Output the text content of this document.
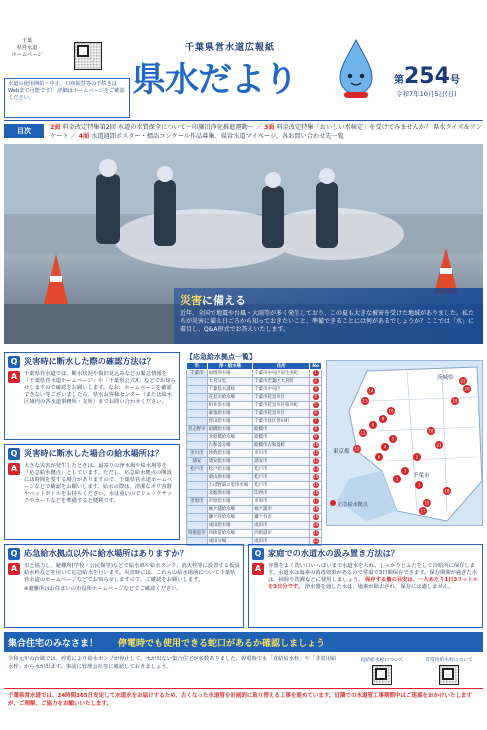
千葉
県営水道
ホームページ
水道の使用開始・中止、口座振替等の手続きはWebまで可能です！ 詳細はホームページをご確認ください。
千葉県営水道広報紙
県水だより	第254号
令和7年10月5日(日)
目次	2面 料金改定特集第2回 水道の水質保全について～印旛沼浄化推進運動～ ／ 3面 料金改定特集「おいしい水検定」を受けてみませんか？ 県水クイズ＆アンケート ／ 4面 水道週間ポスター・標語コンクール作品募集、県営水道マイページ、各お問い合わせ先一覧
災害に備える
近年、全国で地震や台風・大雨等が多く発生しており、この夏も大きな被害を受けた地域がありました。私たちが災害に備え日ごろから知っておきたいこと、準備できることには何があるでしょうか？ここでは「水」に着目し、Q&A形式でお答えいたします。
Q 災害時に断水した際の確認方法は？
A	千葉県営水道では、断水状況や復旧見込みなどの緊急情報を「千葉県営水道ホームページ」や「千葉県公式X」などでお知らせしますので確認をお願いします。なお、ホームページを確認できない等ございましたら、県水お客様センター（または給水区域内の各水道事務所・支所）までお問い合わせください。
Q 災害時に断水した場合の給水場所は？
A	大きな災害が発生したときは、最寄りの浄水場や給水場等を「応急給水拠点」としています。ただし、応急給水拠点の開設には時間を要する場合がありますので、千葉県営水道ホームページなどで確認をお願いします。給水の際は、清潔なポリ容器やペットボトルをお持ちください。水は重いのでリュックサックやカートなどを準備すると便利です。
【応急給水拠点一覧】
市	浄・給水場	住所	No
千葉市	福増浄水場	千葉市中央区南生実町	1
	大宮分室	千葉市若葉区大宮町	2
	千葉県水道局	千葉市中央区	3
	花見川給水場	千葉市花見川区	4
	柏井浄水場	千葉市花見川区柏井町	5
	幕張給水場	千葉市花見川区	6
	誉田給水場	千葉市緑区誉田町	7
習志野市	船橋給水場	船橋市	8
	北船橋給水場	船橋市	9
	古和釜分場	船橋市古和釜町	10
市川市	妙典給水場	市川市	11
浦安	浦安給水場	浦安市	12
松戸市	松戸給水場	松戸市	13
	栗山浄水場	松戸市	14
	ちば野菊の里浄水場	松戸市	15
	北総浄水場	印西市	16
市原市	市原給水場	市原市	17
	袖ケ浦給水場	袖ケ浦市	18
	鎌ケ谷給水場	鎌ケ谷市	19
	成田給水場	成田市	20
四街道市	四街道給水場	四街道市	21
	成田分場	成田市	22
茨城県
東京都
千葉市
1
2
3
4
5
6
7
8
9
10
11
12
13
14
15
16
17
18
19
20
21
22
応急給水拠点
Q 応急給水拠点以外に給水場所はありますか？
A	市と協力し、避難所(学校・公民館等)などで給水車や給水タンク、消火栓等に設置する仮設給水栓などを用いて応急給水を行います。災害時には、これらの給水場所について千葉県営水道のホームページなどでお知らせしますので、ご確認をお願いします。
※避難所はお住まいの市役所ホームページなどでご確認ください。
Q 家庭での水道水の汲み置き方法は？
A	容器をよく洗い口いっぱいまで水道水を入れ、しっかりとふたをして冷暗所に保存します。水道水は塩素の消毒効果があるので常温で3日間保存できます。保存期間が過ぎた水は、掃除や洗濯などに使用しましょう。 保存する量の目安は、一人あたり1日3リットルを3日分です。 浄水器を通した水は、塩素が除去され、保存には適しません。
集合住宅のみなさま！ 停電時でも使用できる蛇口があるか確認しましょう
令和元年の台風では、停電により給水ポンプが停止して、水が出ない集合住宅が多数ありました。停電時でも「直結給水栓」や「非常用給水栓」から水が出ます。事前に管理会社等に確認しておきましょう。
直結給水栓について	非常用給水栓について
千葉県営水道では、24時間365日安定して水道水をお届けするため、古くなった水道管を計画的に取り替える工事を進めています。近隣での水道管工事期間中はご迷惑をおかけいたしますが、ご理解、ご協力をお願いいたします。
